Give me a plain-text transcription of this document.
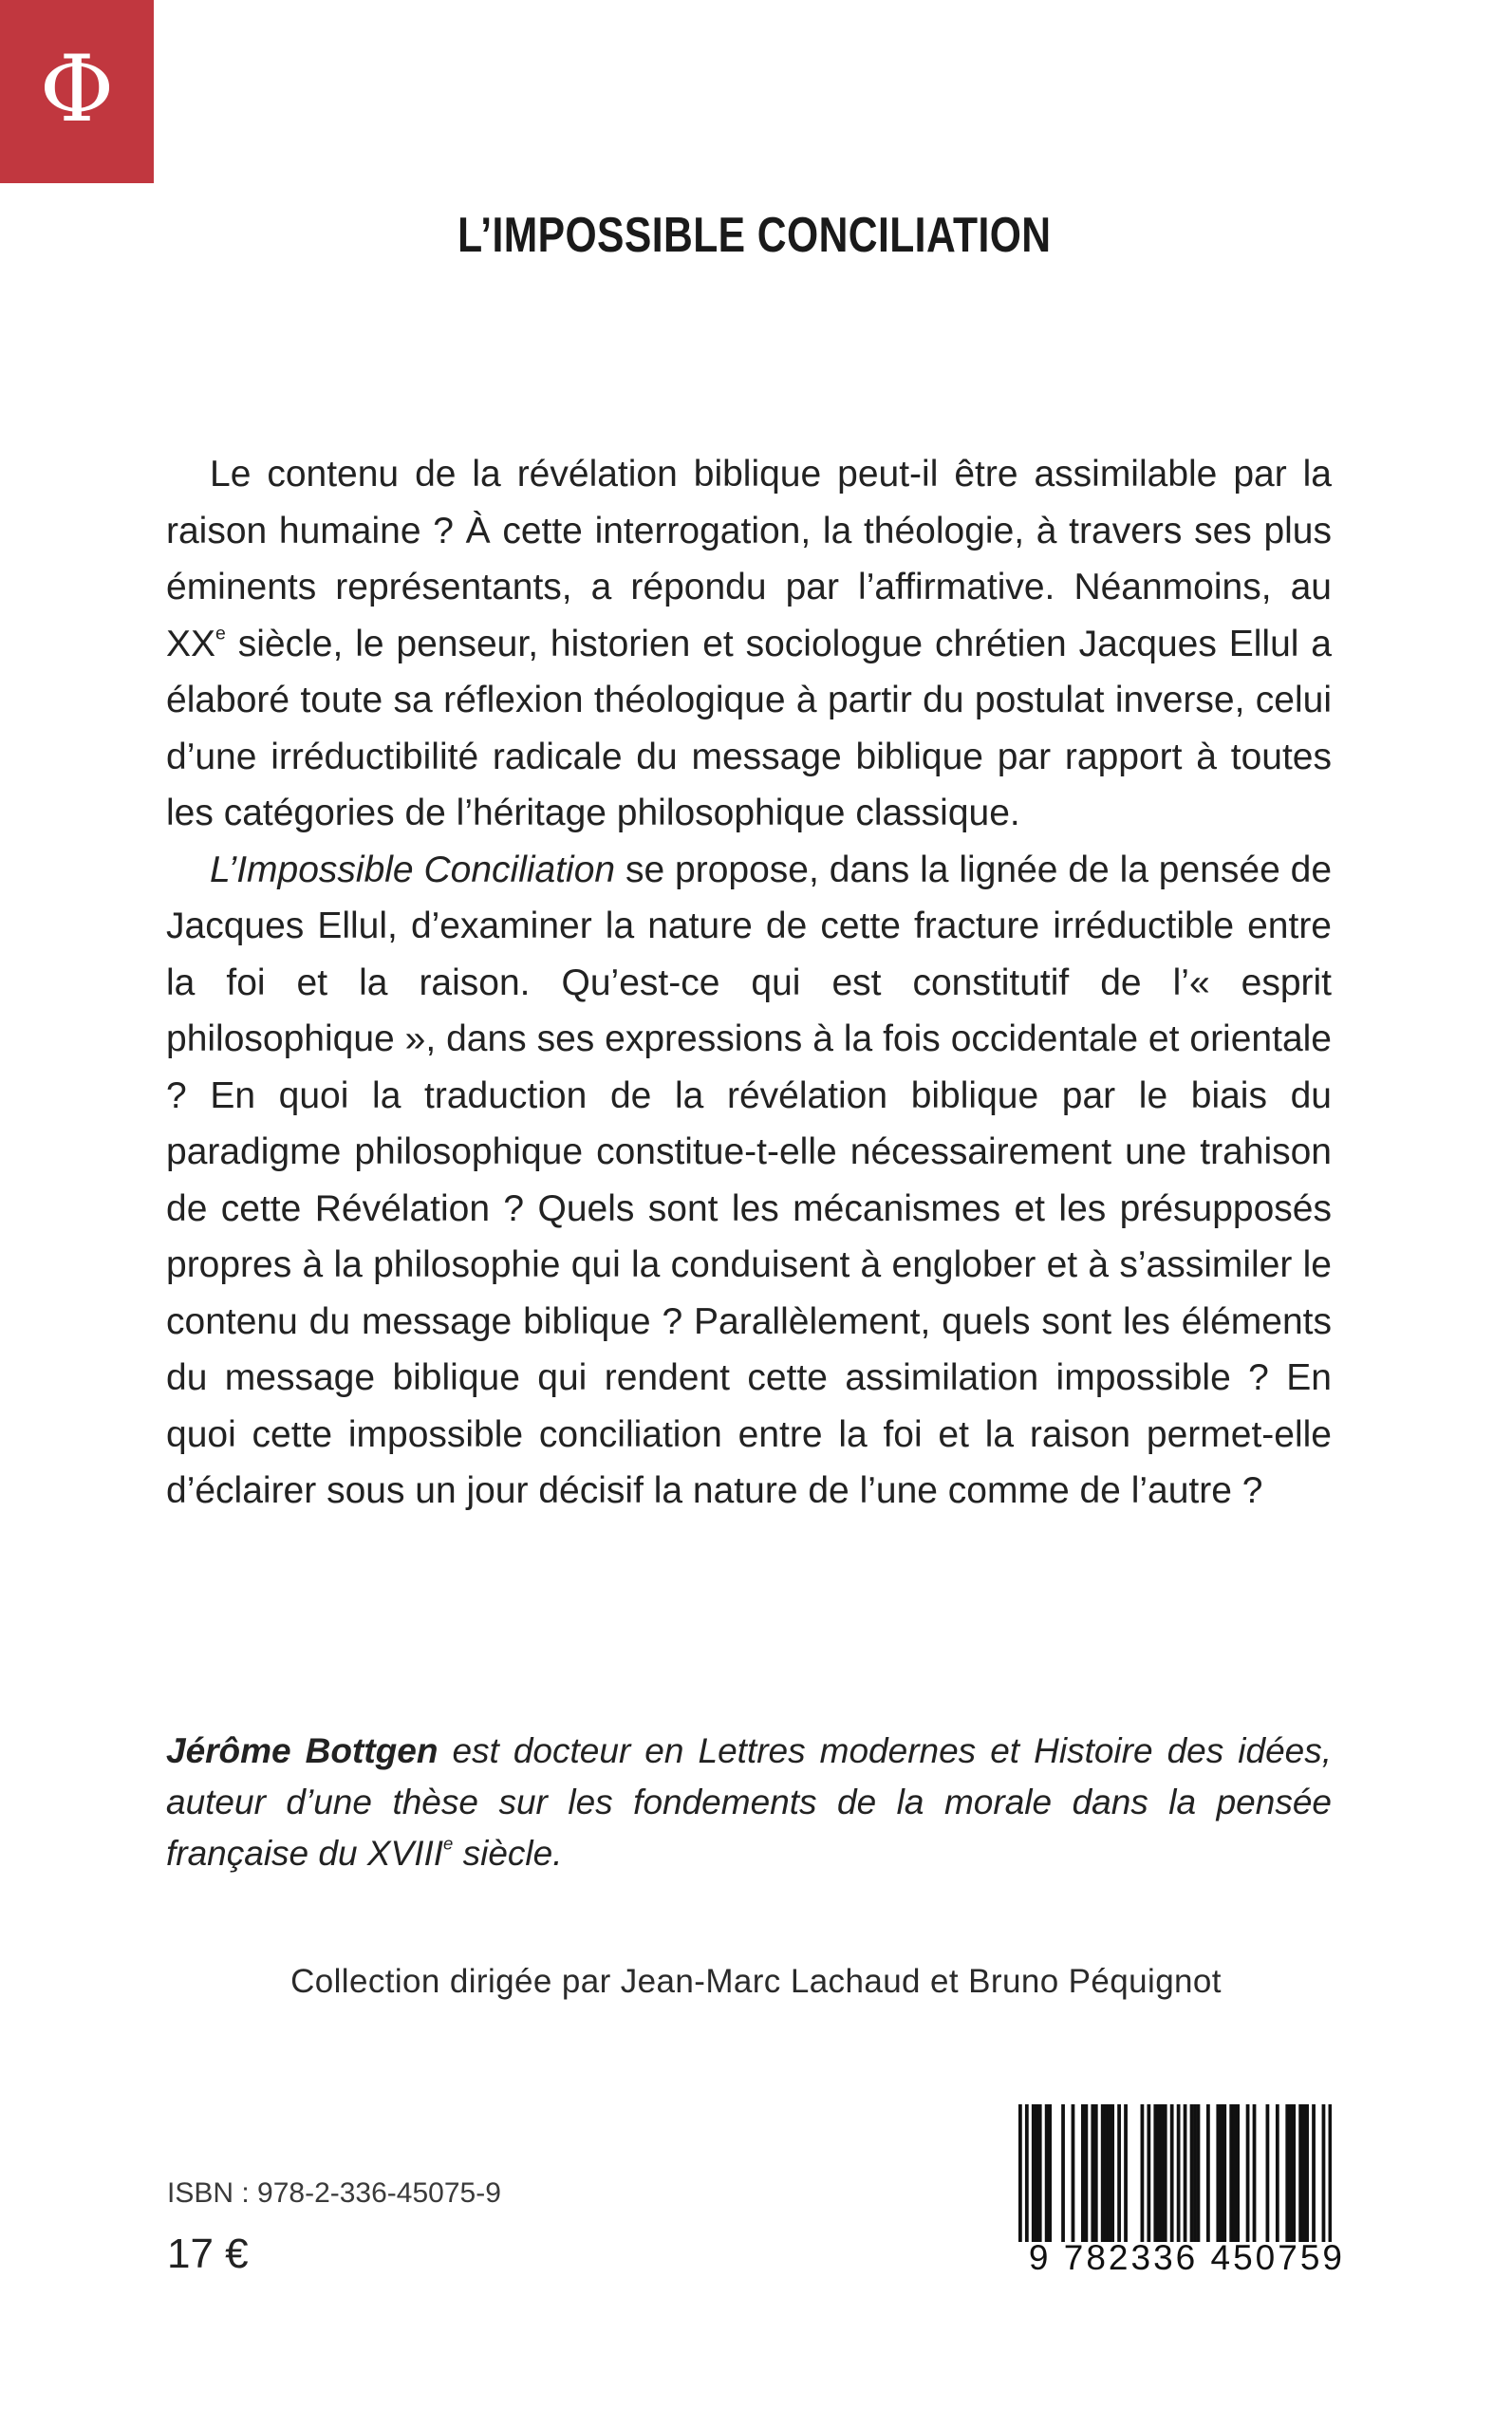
Φ
L’IMPOSSIBLE CONCILIATION

Le contenu de la révélation biblique peut-il être assimilable par la raison humaine ? À cette interrogation, la théologie, à travers ses plus éminents représentants, a répondu par l’affirmative. Néanmoins, au XXe siècle, le penseur, historien et sociologue chrétien Jacques Ellul a élaboré toute sa réflexion théologique à partir du postulat inverse, celui d’une irréductibilité radicale du message biblique par rapport à toutes les catégories de l’héritage philosophique classique.

L’Impossible Conciliation se propose, dans la lignée de la pensée de Jacques Ellul, d’examiner la nature de cette fracture irréductible entre la foi et la raison. Qu’est-ce qui est constitutif de l’« esprit philosophique », dans ses expressions à la fois occidentale et orientale ? En quoi la traduction de la révélation biblique par le biais du paradigme philosophique constitue-t-elle nécessairement une trahison de cette Révélation ? Quels sont les mécanismes et les présupposés propres à la philosophie qui la conduisent à englober et à s’assimiler le contenu du message biblique ? Parallèlement, quels sont les éléments du message biblique qui rendent cette assimilation impossible ? En quoi cette impossible conciliation entre la foi et la raison permet-elle d’éclairer sous un jour décisif la nature de l’une comme de l’autre ?

Jérôme Bottgen est docteur en Lettres modernes et Histoire des idées, auteur d’une thèse sur les fondements de la morale dans la pensée française du XVIIIe siècle.
Collection dirigée par Jean-Marc Lachaud et Bruno Péquignot
ISBN : 978-2-336-45075-9
17 €	9 782336 450759
